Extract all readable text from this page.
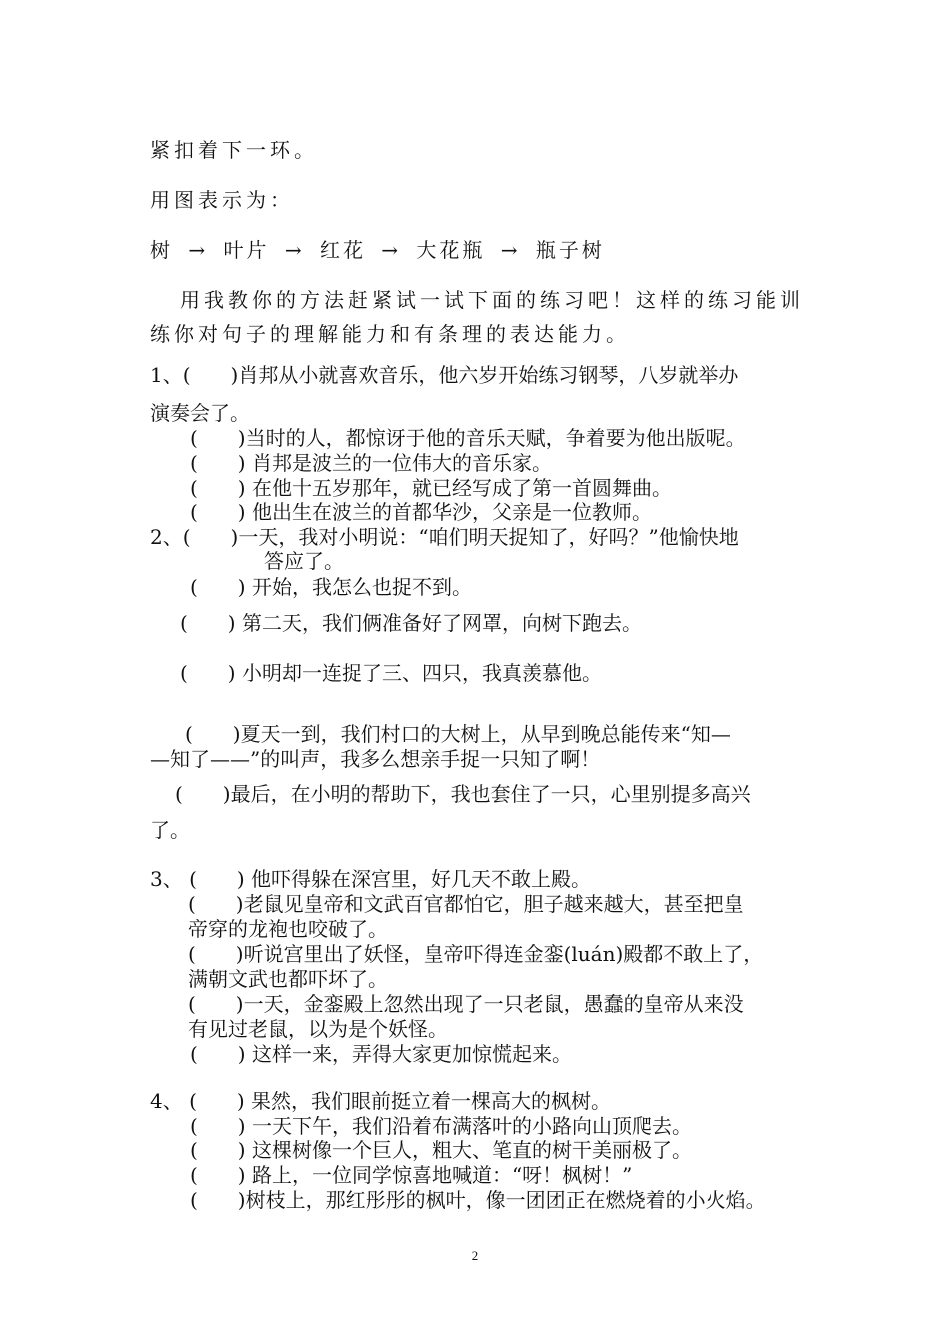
紧扣着下一环。

用图表示为：

树 → 叶片 → 红花 → 大花瓶 → 瓶子树

用我教你的方法赶紧试一试下面的练习吧！这样的练习能训

练你对句子的理解能力和有条理的表达能力。

1、(　　)肖邦从小就喜欢音乐，他六岁开始练习钢琴，八岁就举办

演奏会了。

(　　)当时的人，都惊讶于他的音乐天赋，争着要为他出版呢。

(　　) 肖邦是波兰的一位伟大的音乐家。

(　　) 在他十五岁那年，就已经写成了第一首圆舞曲。

(　　) 他出生在波兰的首都华沙，父亲是一位教师。

2、(　　)一天，我对小明说：“咱们明天捉知了，好吗？”他愉快地

答应了。

(　　) 开始，我怎么也捉不到。

(　　) 第二天，我们俩准备好了网罩，向树下跑去。

(　　) 小明却一连捉了三、四只，我真羡慕他。

(　　)夏天一到，我们村口的大树上，从早到晚总能传来“知—

—知了——”的叫声，我多么想亲手捉一只知了啊！

(　　)最后，在小明的帮助下，我也套住了一只，心里别提多高兴

了。

3、 (　　) 他吓得躲在深宫里，好几天不敢上殿。

(　　)老鼠见皇帝和文武百官都怕它，胆子越来越大，甚至把皇

帝穿的龙袍也咬破了。

(　　)听说宫里出了妖怪，皇帝吓得连金銮(luán)殿都不敢上了，

满朝文武也都吓坏了。

(　　)一天，金銮殿上忽然出现了一只老鼠，愚蠢的皇帝从来没

有见过老鼠，以为是个妖怪。

(　　) 这样一来，弄得大家更加惊慌起来。

4、 (　　) 果然，我们眼前挺立着一棵高大的枫树。

(　　) 一天下午，我们沿着布满落叶的小路向山顶爬去。

(　　) 这棵树像一个巨人，粗大、笔直的树干美丽极了。

(　　) 路上，一位同学惊喜地喊道：“呀！枫树！”

(　　)树枝上，那红彤彤的枫叶，像一团团正在燃烧着的小火焰。

2
